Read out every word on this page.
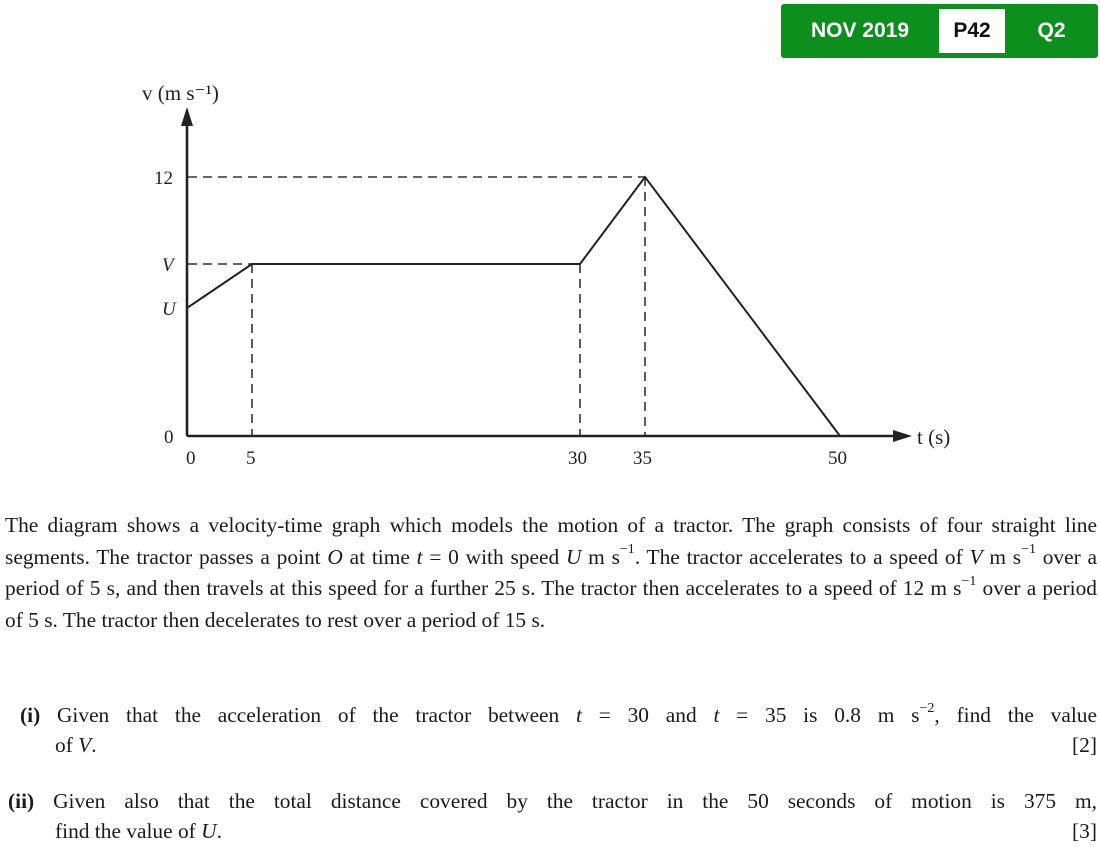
NOV 2019	P42	Q2
v (m s⁻¹)
t (s)
12
V
U
0
0	5	30 35	50

The diagram shows a velocity-time graph which models the motion of a tractor. The graph consists of four straight line segments. The tractor passes a point O at time t = 0 with speed U m $s^{-1}$. The tractor accelerates to a speed of V m $s^{-1}$ over a period of 5 s, and then travels at this speed for a further 25 s. The tractor then accelerates to a speed of 12 m $s^{-1}$ over a period of 5 s. The tractor then decelerates to rest over a period of 15 s.

(i) Given that the acceleration of the tractor between t = 30 and t = 35 is 0.8 m $s^{-2}$, find the value
of V.	[2]
(ii) Given also that the total distance covered by the tractor in the 50 seconds of motion is 375 m,
find the value of U.	[3]
